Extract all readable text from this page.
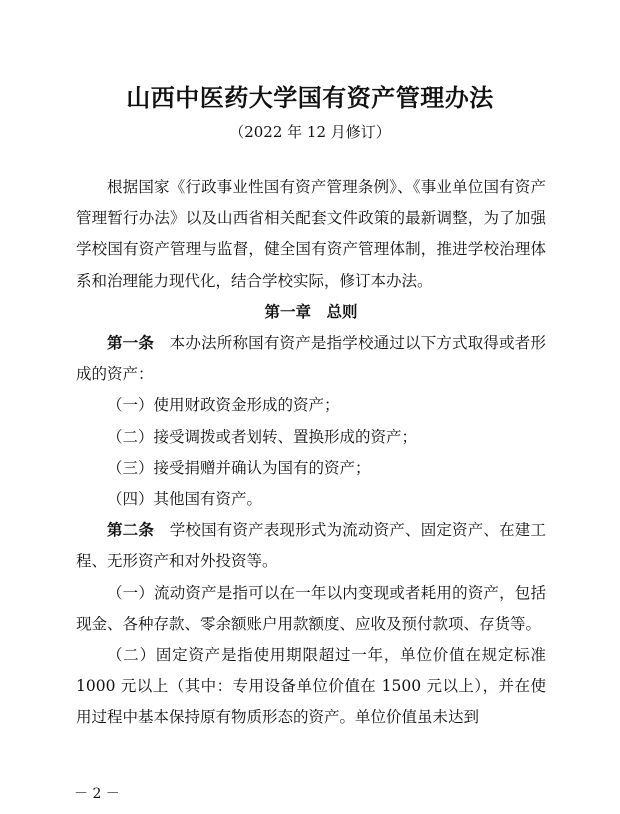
山西中医药大学国有资产管理办法
（2022 年 12 月修订）

根据国家《行政事业性国有资产管理条例》、《事业单位国有资产管理暂行办法》以及山西省相关配套文件政策的最新调整，为了加强学校国有资产管理与监督，健全国有资产管理体制，推进学校治理体系和治理能力现代化，结合学校实际，修订本办法。

第一章　总则

第一条  本办法所称国有资产是指学校通过以下方式取得或者形成的资产：

（一）使用财政资金形成的资产；

（二）接受调拨或者划转、置换形成的资产；

（三）接受捐赠并确认为国有的资产；

（四）其他国有资产。

第二条  学校国有资产表现形式为流动资产、固定资产、在建工程、无形资产和对外投资等。

（一）流动资产是指可以在一年以内变现或者耗用的资产，包括现金、各种存款、零余额账户用款额度、应收及预付款项、存货等。

（二）固定资产是指使用期限超过一年，单位价值在规定标准 1000 元以上（其中：专用设备单位价值在 1500 元以上），并在使用过程中基本保持原有物质形态的资产。单位价值虽未达到

－ 2 －
